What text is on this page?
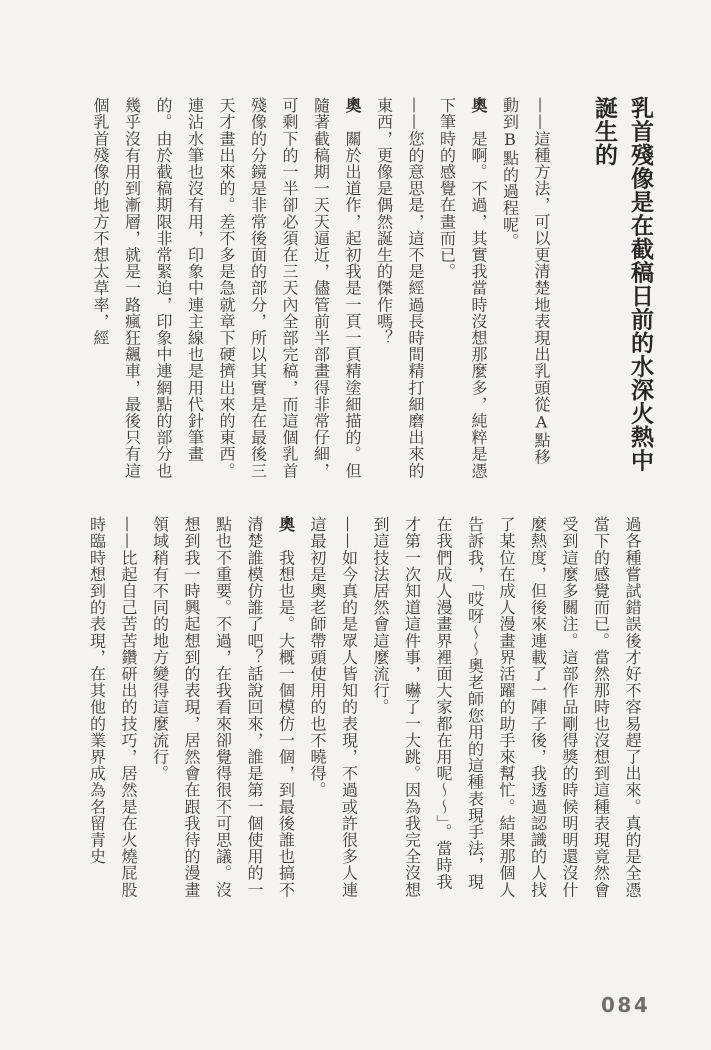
乳首殘像是在截稿日前的水深火熱中
誕生的

——這種方法，可以更清楚地表現出乳頭從A點移動到B點的過程呢。

奧　是啊。不過，其實我當時沒想那麼多，純粹是憑下筆時的感覺在畫而已。

——您的意思是，這不是經過長時間精打細磨出來的東西，更像是偶然誕生的傑作嗎？

奧　關於出道作，起初我是一頁一頁精塗細描的。但隨著截稿期一天天逼近，儘管前半部畫得非常仔細，可剩下的一半卻必須在三天內全部完稿，而這個乳首殘像的分鏡是非常後面的部分，所以其實是在最後三天才畫出來的。差不多是急就章下硬擠出來的東西。連沾水筆也沒有用，印象中連主線也是用代針筆畫的。由於截稿期限非常緊迫，印象中連網點的部分也幾乎沒有用到漸層，就是一路瘋狂飆車，最後只有這個乳首殘像的地方不想太草率，經

過各種嘗試錯誤後才好不容易趕了出來。真的是全憑當下的感覺而已。當然那時也沒想到這種表現竟然會受到這麼多關注。這部作品剛得獎的時候明明還沒什麼熱度，但後來連載了一陣子後，我透過認識的人找了某位在成人漫畫界活躍的助手來幫忙。結果那個人告訴我，「哎呀～～奧老師您用的這種表現手法，現在我們成人漫畫界裡面大家都在用呢～～」。當時我才第一次知道這件事，嚇了一大跳。因為我完全沒想到這技法居然會這麼流行。

——如今真的是眾人皆知的表現，不過或許很多人連這最初是奧老師帶頭使用的也不曉得。

奧　我想也是。大概一個模仿一個，到最後誰也搞不清楚誰模仿誰了吧？話說回來，誰是第一個使用的一點也不重要。不過，在我看來卻覺得很不可思議。沒想到我一時興起想到的表現，居然會在跟我待的漫畫領域稍有不同的地方變得這麼流行。

——比起自己苦苦鑽研出的技巧，居然是在火燒屁股時臨時想到的表現，在其他的業界成為名留青史

084
